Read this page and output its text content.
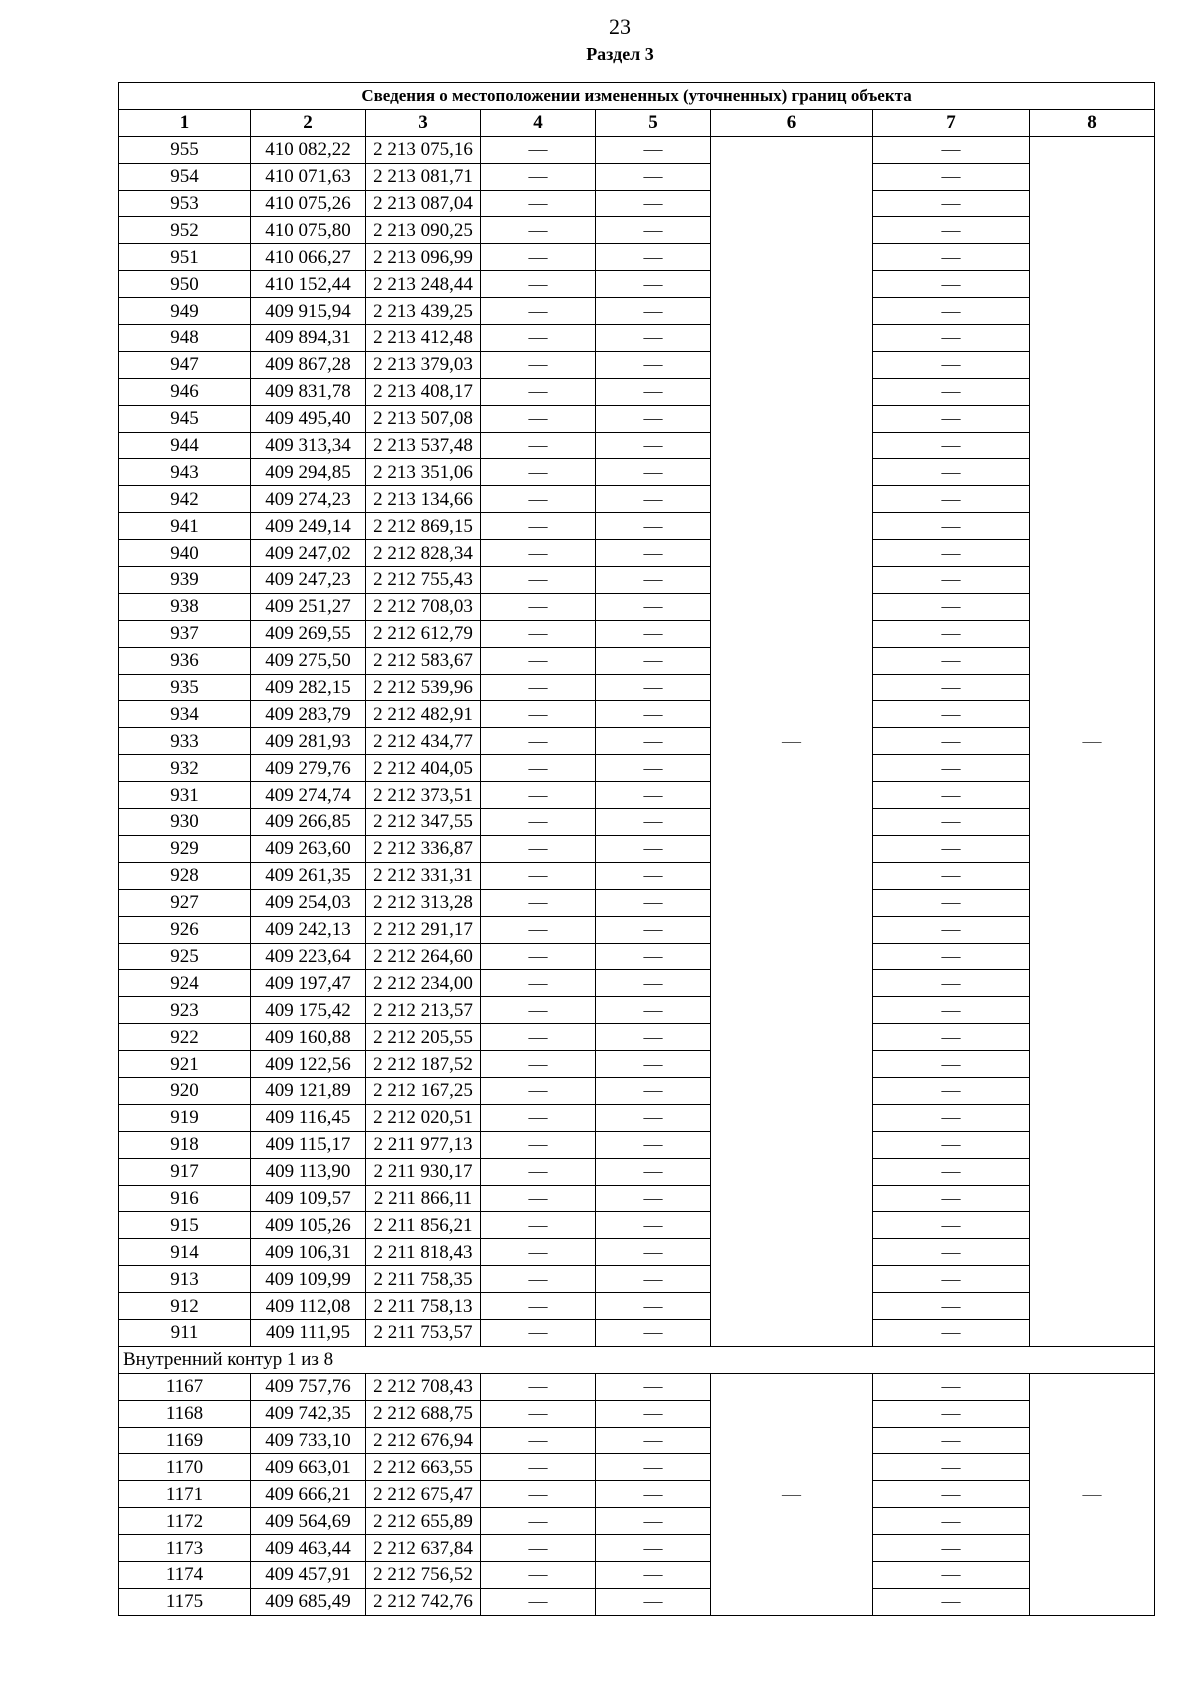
23
Раздел 3
Сведения о местоположении измененных (уточненных) границ объекта							
1	2	3	4	5	6	7	8
955	410 082,22	2 213 075,16	—	—	—	—	—
954	410 071,63	2 213 081,71	—	—		—	
953	410 075,26	2 213 087,04	—	—		—	
952	410 075,80	2 213 090,25	—	—		—	
951	410 066,27	2 213 096,99	—	—		—	
950	410 152,44	2 213 248,44	—	—		—	
949	409 915,94	2 213 439,25	—	—		—	
948	409 894,31	2 213 412,48	—	—		—	
947	409 867,28	2 213 379,03	—	—		—	
946	409 831,78	2 213 408,17	—	—		—	
945	409 495,40	2 213 507,08	—	—		—	
944	409 313,34	2 213 537,48	—	—		—	
943	409 294,85	2 213 351,06	—	—		—	
942	409 274,23	2 213 134,66	—	—		—	
941	409 249,14	2 212 869,15	—	—		—	
940	409 247,02	2 212 828,34	—	—		—	
939	409 247,23	2 212 755,43	—	—		—	
938	409 251,27	2 212 708,03	—	—		—	
937	409 269,55	2 212 612,79	—	—		—	
936	409 275,50	2 212 583,67	—	—		—	
935	409 282,15	2 212 539,96	—	—		—	
934	409 283,79	2 212 482,91	—	—		—	
933	409 281,93	2 212 434,77	—	—		—	
932	409 279,76	2 212 404,05	—	—		—	
931	409 274,74	2 212 373,51	—	—		—	
930	409 266,85	2 212 347,55	—	—		—	
929	409 263,60	2 212 336,87	—	—		—	
928	409 261,35	2 212 331,31	—	—		—	
927	409 254,03	2 212 313,28	—	—		—	
926	409 242,13	2 212 291,17	—	—		—	
925	409 223,64	2 212 264,60	—	—		—	
924	409 197,47	2 212 234,00	—	—		—	
923	409 175,42	2 212 213,57	—	—		—	
922	409 160,88	2 212 205,55	—	—		—	
921	409 122,56	2 212 187,52	—	—		—	
920	409 121,89	2 212 167,25	—	—		—	
919	409 116,45	2 212 020,51	—	—		—	
918	409 115,17	2 211 977,13	—	—		—	
917	409 113,90	2 211 930,17	—	—		—	
916	409 109,57	2 211 866,11	—	—		—	
915	409 105,26	2 211 856,21	—	—		—	
914	409 106,31	2 211 818,43	—	—		—	
913	409 109,99	2 211 758,35	—	—		—	
912	409 112,08	2 211 758,13	—	—		—	
911	409 111,95	2 211 753,57	—	—		—	
Внутренний контур 1 из 8							
1167	409 757,76	2 212 708,43	—	—	—	—	—
1168	409 742,35	2 212 688,75	—	—		—	
1169	409 733,10	2 212 676,94	—	—		—	
1170	409 663,01	2 212 663,55	—	—		—	
1171	409 666,21	2 212 675,47	—	—		—	
1172	409 564,69	2 212 655,89	—	—		—	
1173	409 463,44	2 212 637,84	—	—		—	
1174	409 457,91	2 212 756,52	—	—		—	
1175	409 685,49	2 212 742,76	—	—		—	
